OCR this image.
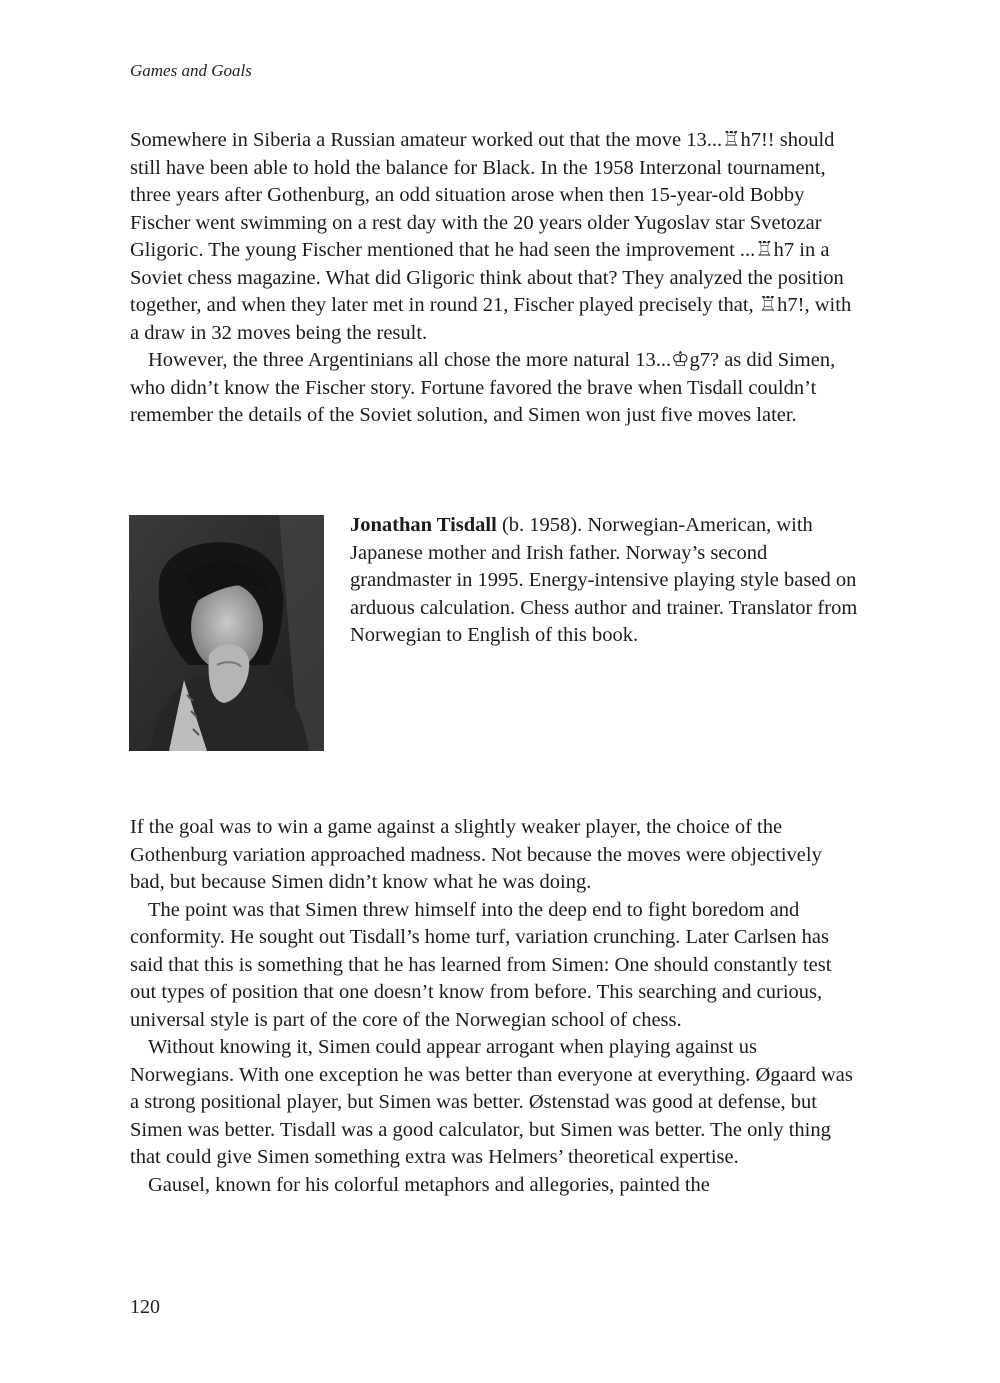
Games and Goals

Somewhere in Siberia a Russian amateur worked out that the move 13...♖h7!! should still have been able to hold the balance for Black. In the 1958 Interzonal tournament, three years after Gothenburg, an odd situation arose when then 15-year-old Bobby Fischer went swimming on a rest day with the 20 years older Yugoslav star Svetozar Gligoric. The young Fischer mentioned that he had seen the improvement ...♖h7 in a Soviet chess magazine. What did Gligoric think about that? They analyzed the position together, and when they later met in round 21, Fischer played precisely that, ♖h7!, with a draw in 32 moves being the result.

However, the three Argentinians all chose the more natural 13...♔g7? as did Simen, who didn’t know the Fischer story. Fortune favored the brave when Tisdall couldn’t remember the details of the Soviet solution, and Simen won just five moves later.

Jonathan Tisdall (b. 1958). Norwegian-American, with Japanese mother and Irish father. Norway’s second grandmaster in 1995. Energy-intensive playing style based on arduous calculation. Chess author and trainer. Translator from Norwegian to English of this book.

If the goal was to win a game against a slightly weaker player, the choice of the Gothenburg variation approached madness. Not because the moves were objectively bad, but because Simen didn’t know what he was doing.

The point was that Simen threw himself into the deep end to fight boredom and conformity. He sought out Tisdall’s home turf, variation crunching. Later Carlsen has said that this is something that he has learned from Simen: One should constantly test out types of position that one doesn’t know from before. This searching and curious, universal style is part of the core of the Norwegian school of chess.

Without knowing it, Simen could appear arrogant when playing against us Norwegians. With one exception he was better than everyone at everything. Øgaard was a strong positional player, but Simen was better. Østenstad was good at defense, but Simen was better. Tisdall was a good calculator, but Simen was better. The only thing that could give Simen something extra was Helmers’ theoretical expertise.

Gausel, known for his colorful metaphors and allegories, painted the

120
